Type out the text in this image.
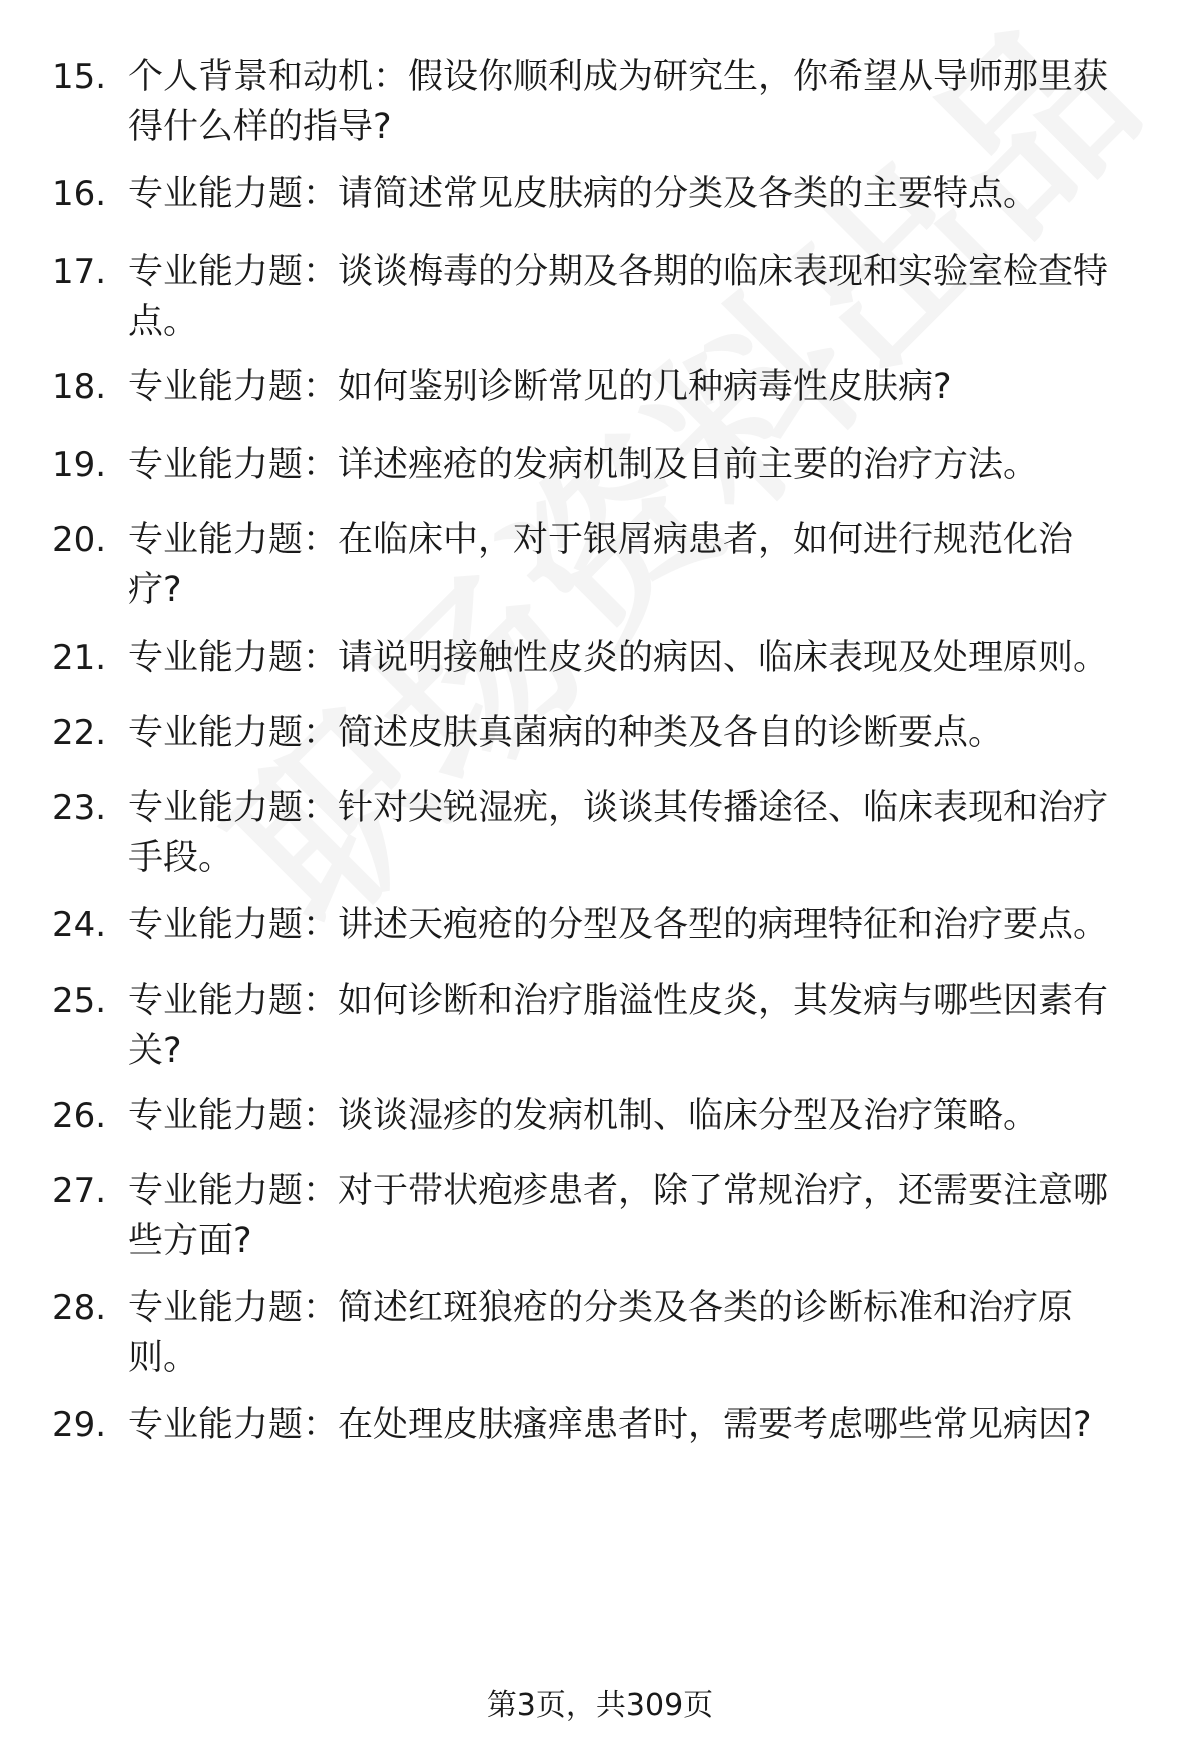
15. 个人背景和动机：假设你顺利成为研究生，你希望从导师那里获
得什么样的指导?
16. 专业能力题：请简述常见皮肤病的分类及各类的主要特点。
17. 专业能力题：谈谈梅毒的分期及各期的临床表现和实验室检查特
点。
18. 专业能力题：如何鉴别诊断常见的几种病毒性皮肤病?
19. 专业能力题：详述痤疮的发病机制及目前主要的治疗方法。
20. 专业能力题：在临床中，对于银屑病患者，如何进行规范化治
疗?
21. 专业能力题：请说明接触性皮炎的病因、临床表现及处理原则。
22. 专业能力题：简述皮肤真菌病的种类及各自的诊断要点。
23. 专业能力题：针对尖锐湿疣，谈谈其传播途径、临床表现和治疗
手段。
24. 专业能力题：讲述天疱疮的分型及各型的病理特征和治疗要点。
25. 专业能力题：如何诊断和治疗脂溢性皮炎，其发病与哪些因素有
关?
26. 专业能力题：谈谈湿疹的发病机制、临床分型及治疗策略。
27. 专业能力题：对于带状疱疹患者，除了常规治疗，还需要注意哪
些方面?
28. 专业能力题：简述红斑狼疮的分类及各类的诊断标准和治疗原
则。
29. 专业能力题：在处理皮肤瘙痒患者时，需要考虑哪些常见病因?
第3页，共309页
